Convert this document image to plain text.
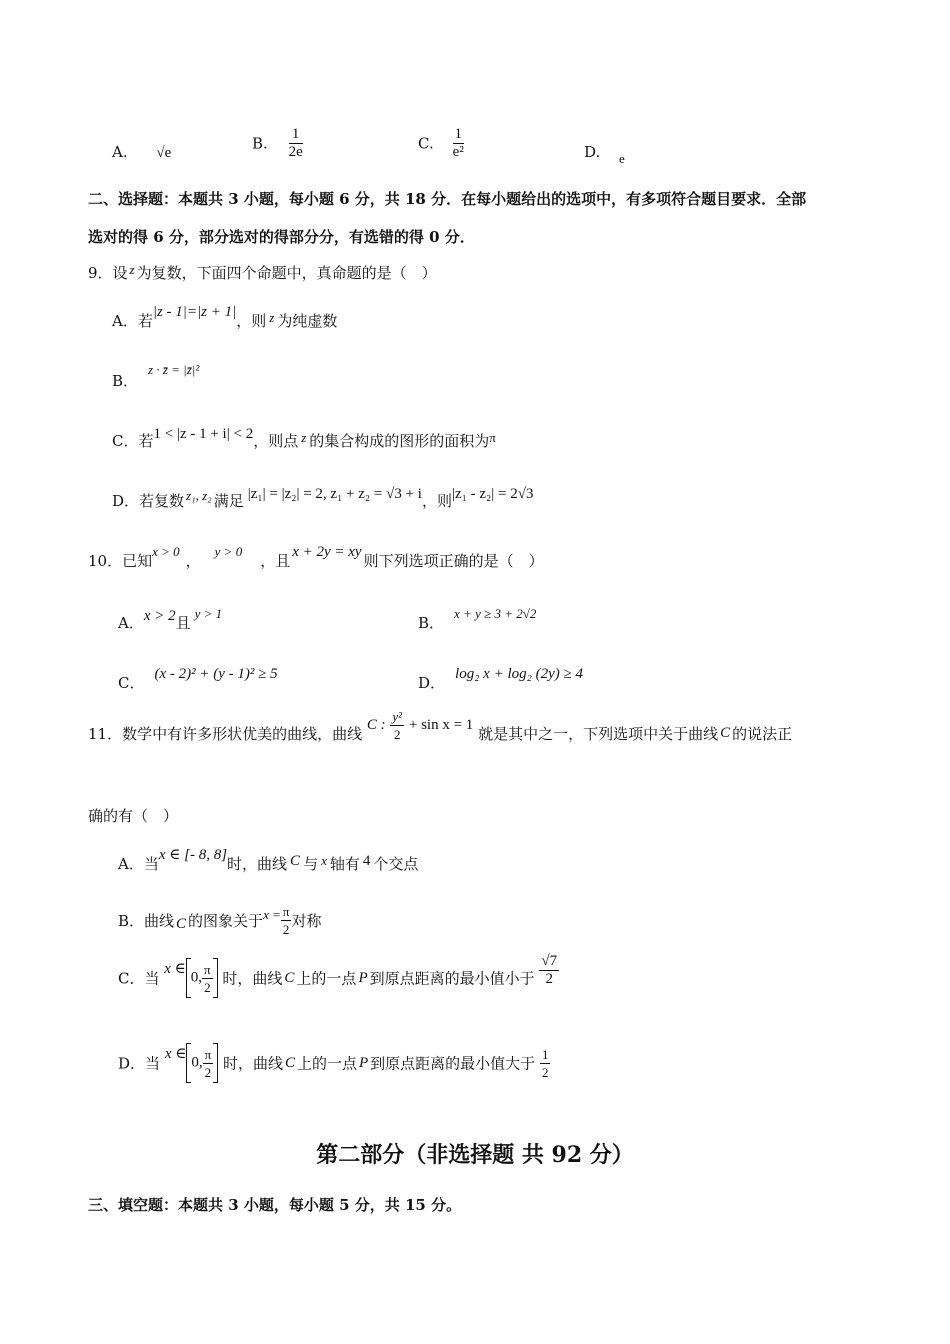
A. √e
B. $\frac{1}{2e}$	C. $\frac{1}{\text{e²}}$	D. e
二、选择题：本题共 3 小题，每小题 6 分，共 18 分．在每小题给出的选项中，有多项符合题目要求．全部
选对的得 6 分，部分选对的得部分分，有选错的得 0 分．
9．设 z 为复数，下面四个命题中，真命题的是（　）
A．若|z - 1|=|z + 1|，则 z 为纯虚数
B．z · z̄ = |z̄|²
C．若1 < |z - 1 + i| < 2，则点 z 的集合构成的图形的面积为π
D．若复数 z₁, z₂ 满足 |z₁| = |z₂| = 2, z₁ + z₂ = √3 + i，则|z₁ - z₂| = 2√3
10．已知x > 0，y > 0，且 x + 2y = xy 则下列选项正确的是（　）
A．x > 2且y > 1
B．x + y ≥ 3 + 2√2
C． (x - 2)² + (y - 1)² ≥ 5	D． log₂ x + log₂ (2y) ≥ 4
11．数学中有许多形状优美的曲线，曲线 C : $\frac{\text{y²}}{2} + \sin x = 1$ 就是其中之一，下列选项中关于曲线 C 的说法正
确的有（　）
A．当x ∈ [- 8, 8]时，曲线 C 与 x 轴有 4 个交点
B．曲线 C 的图象关于$x = \frac{\pi}{2}$ 对称
C．当 x ∈0, $\frac{\pi}{2}$ 时，曲线 C 上的一点 P 到原点距离的最小值小于 $\frac{√7}{2}$
D．当 x ∈0, $\frac{\pi}{2}$ 时，曲线 C 上的一点 P 到原点距离的最小值大于 $\frac{1}{2}$
第二部分（非选择题 共 92 分）
三、填空题：本题共 3 小题，每小题 5 分，共 15 分。
